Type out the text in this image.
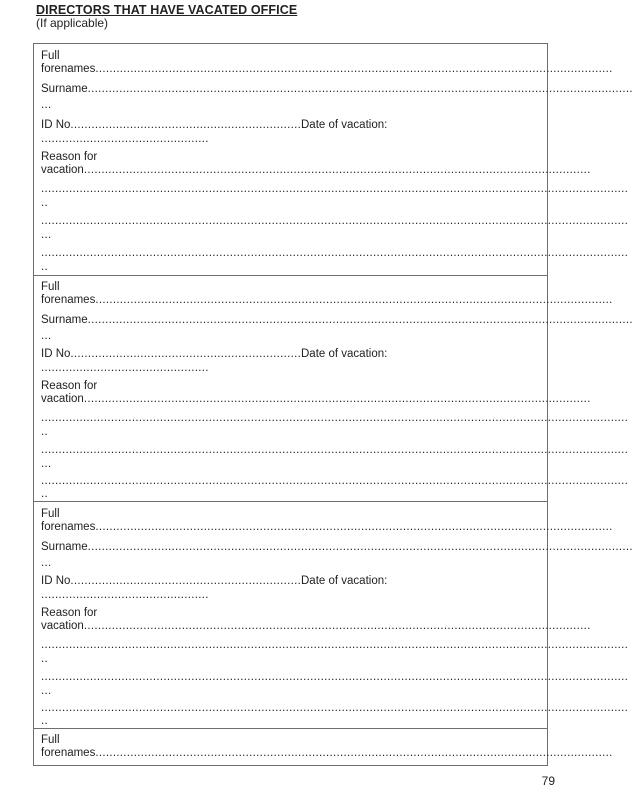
DIRECTORS THAT HAVE VACATED OFFICE
(If applicable)
Full
forenames....................................................................................................................................................
Surname............................................................................................................................................................
...
ID No...................................................................
Date of vacation:
................................................
Reason for
vacation.................................................................................................................................................
........................................................................................................................................................................
..
........................................................................................................................................................................
...
........................................................................................................................................................................
..
Full
forenames....................................................................................................................................................
Surname............................................................................................................................................................
...
ID No...................................................................
Date of vacation:
................................................
Reason for
vacation.................................................................................................................................................
........................................................................................................................................................................
..
........................................................................................................................................................................
...
........................................................................................................................................................................
..
Full
forenames....................................................................................................................................................
Surname............................................................................................................................................................
...
ID No...................................................................
Date of vacation:
................................................
Reason for
vacation.................................................................................................................................................
........................................................................................................................................................................
..
........................................................................................................................................................................
...
........................................................................................................................................................................
..
Full
forenames....................................................................................................................................................
79
